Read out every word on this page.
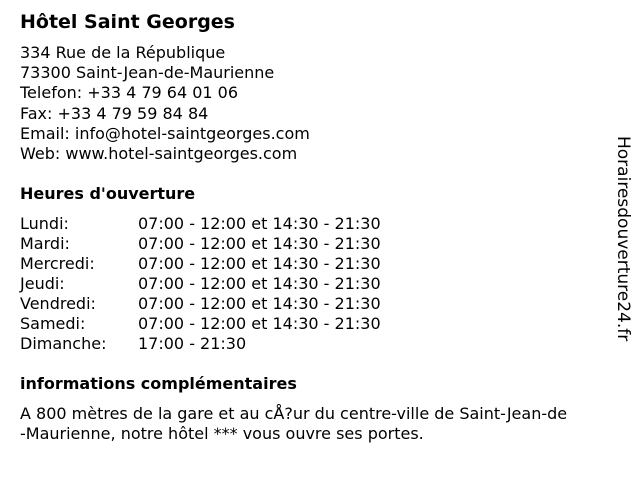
Hôtel Saint Georges
334 Rue de la République
73300 Saint-Jean-de-Maurienne
Telefon: +33 4 79 64 01 06
Fax: +33 4 79 59 84 84
Email: info@hotel-saintgeorges.com
Web: www.hotel-saintgeorges.com
Heures d'ouverture
Lundi:	07:00 - 12:00 et 14:30 - 21:30
Mardi:	07:00 - 12:00 et 14:30 - 21:30
Mercredi:	07:00 - 12:00 et 14:30 - 21:30
Jeudi:	07:00 - 12:00 et 14:30 - 21:30
Vendredi:	07:00 - 12:00 et 14:30 - 21:30
Samedi:	07:00 - 12:00 et 14:30 - 21:30
Dimanche: 17:00 - 21:30
informations complémentaires
A 800 mètres de la gare et au cÅ?ur du centre-ville de Saint-Jean-de
-Maurienne, notre hôtel *** vous ouvre ses portes.
Horairesdouverture24.fr
